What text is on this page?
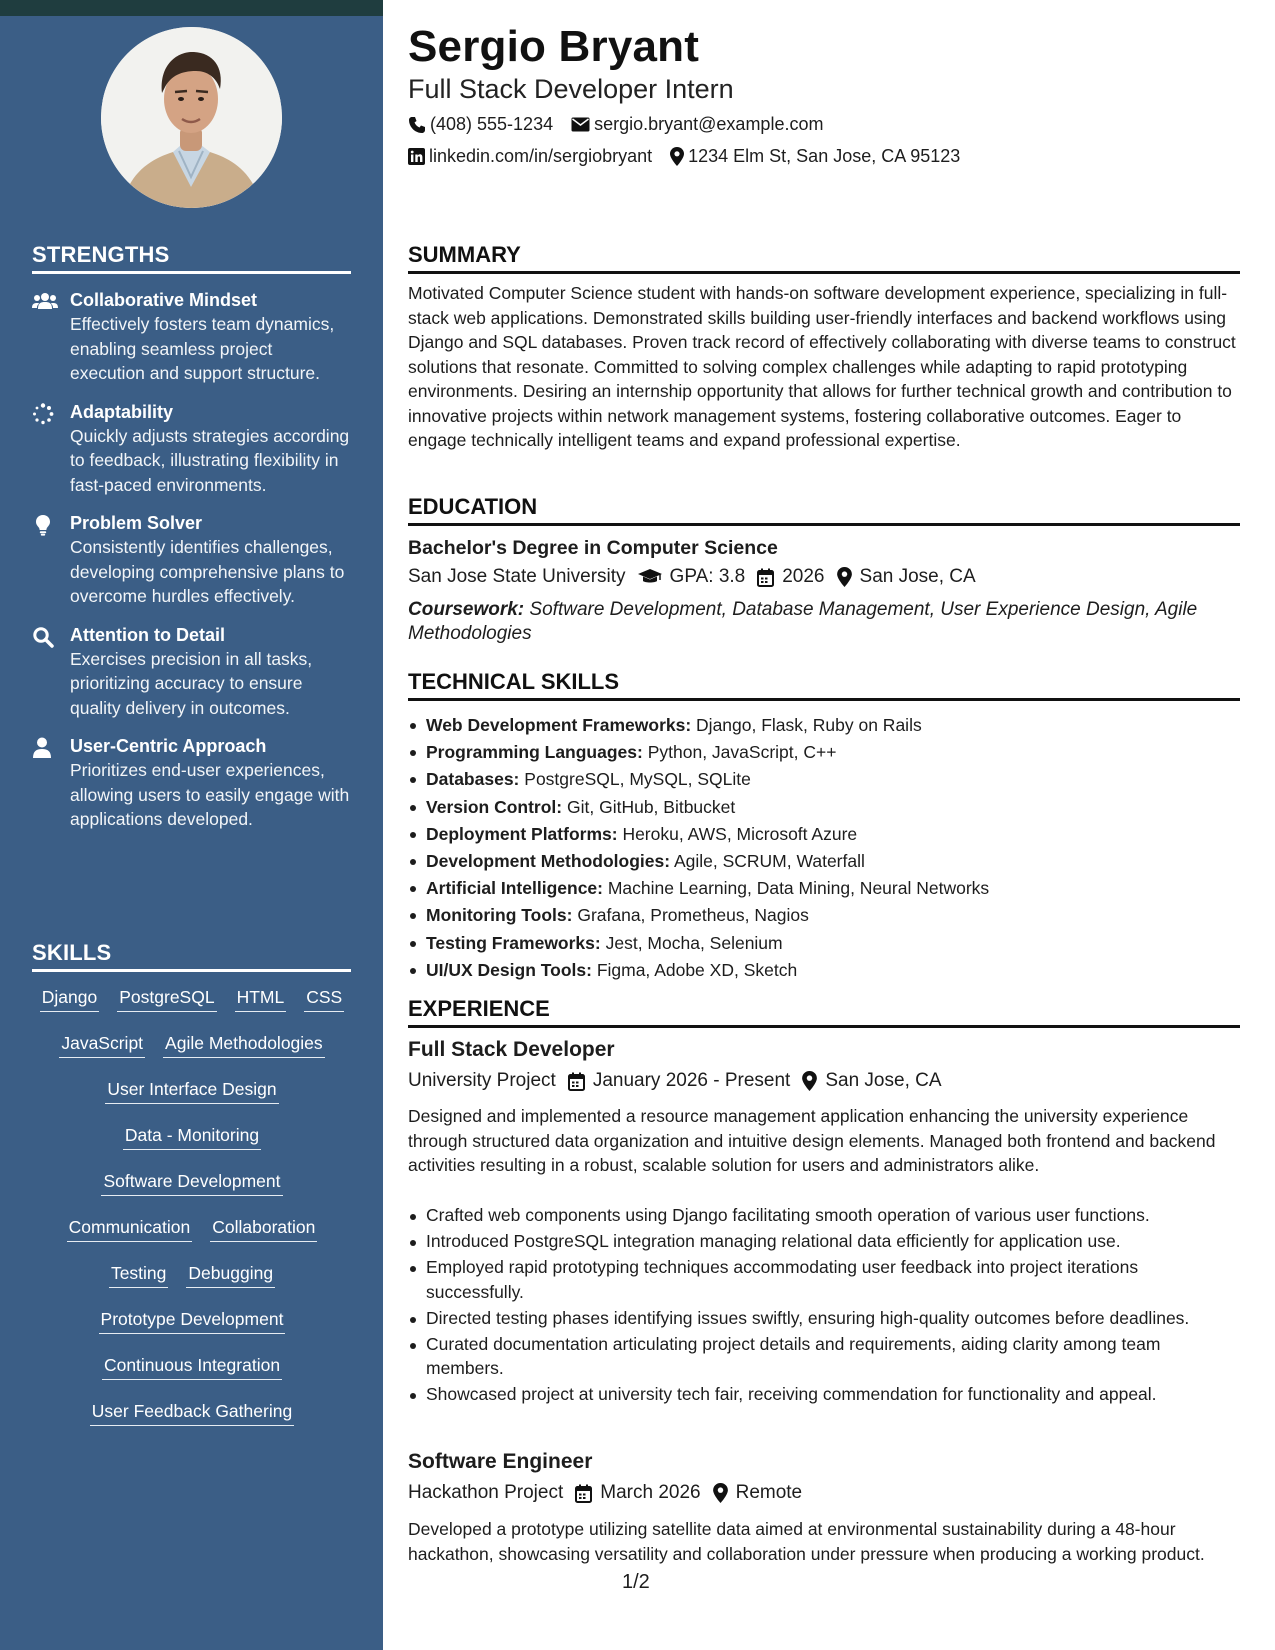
STRENGTHS
Collaborative Mindset
Effectively fosters team dynamics, enabling seamless project execution and support structure.
Adaptability
Quickly adjusts strategies according to feedback, illustrating flexibility in fast-paced environments.
Problem Solver
Consistently identifies challenges, developing comprehensive plans to overcome hurdles effectively.
Attention to Detail
Exercises precision in all tasks, prioritizing accuracy to ensure quality delivery in outcomes.
User-Centric Approach
Prioritizes end-user experiences, allowing users to easily engage with applications developed.
SKILLS
Django PostgreSQL HTML CSS
JavaScript Agile Methodologies
User Interface Design
Data - Monitoring
Software Development
Communication Collaboration
Testing Debugging
Prototype Development
Continuous Integration
User Feedback Gathering
Sergio Bryant
Full Stack Developer Intern
(408) 555-1234 sergio.bryant@example.com
linkedin.com/in/sergiobryant 1234 Elm St, San Jose, CA 95123
SUMMARY
Motivated Computer Science student with hands-on software development experience, specializing in full-stack web applications. Demonstrated skills building user-friendly interfaces and backend workflows using Django and SQL databases. Proven track record of effectively collaborating with diverse teams to construct solutions that resonate. Committed to solving complex challenges while adapting to rapid prototyping environments. Desiring an internship opportunity that allows for further technical growth and contribution to innovative projects within network management systems, fostering collaborative outcomes. Eager to engage technically intelligent teams and expand professional expertise.
EDUCATION
Bachelor's Degree in Computer Science
San Jose State University GPA: 3.8 2026 San Jose, CA
Coursework: Software Development, Database Management, User Experience Design, Agile Methodologies
TECHNICAL SKILLS
Web Development Frameworks: Django, Flask, Ruby on Rails
Programming Languages: Python, JavaScript, C++
Databases: PostgreSQL, MySQL, SQLite
Version Control: Git, GitHub, Bitbucket
Deployment Platforms: Heroku, AWS, Microsoft Azure
Development Methodologies: Agile, SCRUM, Waterfall
Artificial Intelligence: Machine Learning, Data Mining, Neural Networks
Monitoring Tools: Grafana, Prometheus, Nagios
Testing Frameworks: Jest, Mocha, Selenium
UI/UX Design Tools: Figma, Adobe XD, Sketch
EXPERIENCE
Full Stack Developer
University Project January 2026 - Present San Jose, CA
Designed and implemented a resource management application enhancing the university experience through structured data organization and intuitive design elements. Managed both frontend and backend activities resulting in a robust, scalable solution for users and administrators alike.
Crafted web components using Django facilitating smooth operation of various user functions.
Introduced PostgreSQL integration managing relational data efficiently for application use.
Employed rapid prototyping techniques accommodating user feedback into project iterations successfully.
Directed testing phases identifying issues swiftly, ensuring high-quality outcomes before deadlines.
Curated documentation articulating project details and requirements, aiding clarity among team members.
Showcased project at university tech fair, receiving commendation for functionality and appeal.
Software Engineer
Hackathon Project March 2026 Remote
Developed a prototype utilizing satellite data aimed at environmental sustainability during a 48-hour hackathon, showcasing versatility and collaboration under pressure when producing a working product.
1/2
